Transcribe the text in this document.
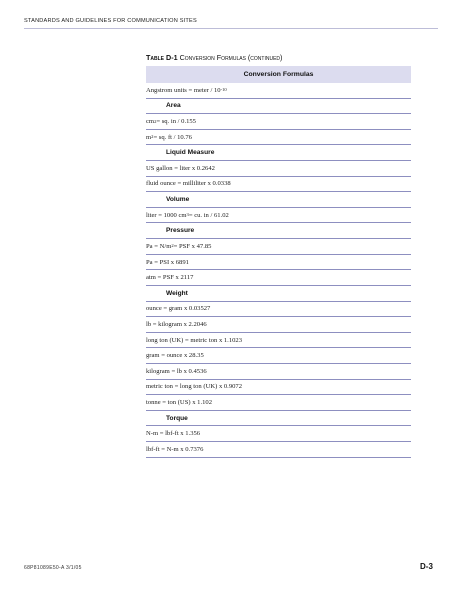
STANDARDS AND GUIDELINES FOR COMMUNICATION SITES
Table D-1 Conversion Formulas (continued)
Conversion Formulas
Angstrom units = meter / 10 -10
Area
cm 2 = sq. in / 0.155
m 2 = sq. ft / 10.76
Liquid Measure
US gallon = liter x 0.2642
fluid ounce = milliliter x 0.0338
Volume
liter = 1000 cm 3 = cu. in / 61.02
Pressure
Pa = N/m 2 = PSF x 47.85
Pa = PSI x 6891
atm = PSF x 2117
Weight
ounce = gram x 0.03527
lb = kilogram x 2.2046
long ton (UK) = metric ton x 1.1023
gram = ounce x 28.35
kilogram = lb x 0.4536
metric ton = long ton (UK) x 0.9072
tonne = ton (US) x 1.102
Torque
N-m = lbf-ft x 1.356
lbf-ft = N-m x 0.7376
68P81089E50-A 3/1/05	D-3
